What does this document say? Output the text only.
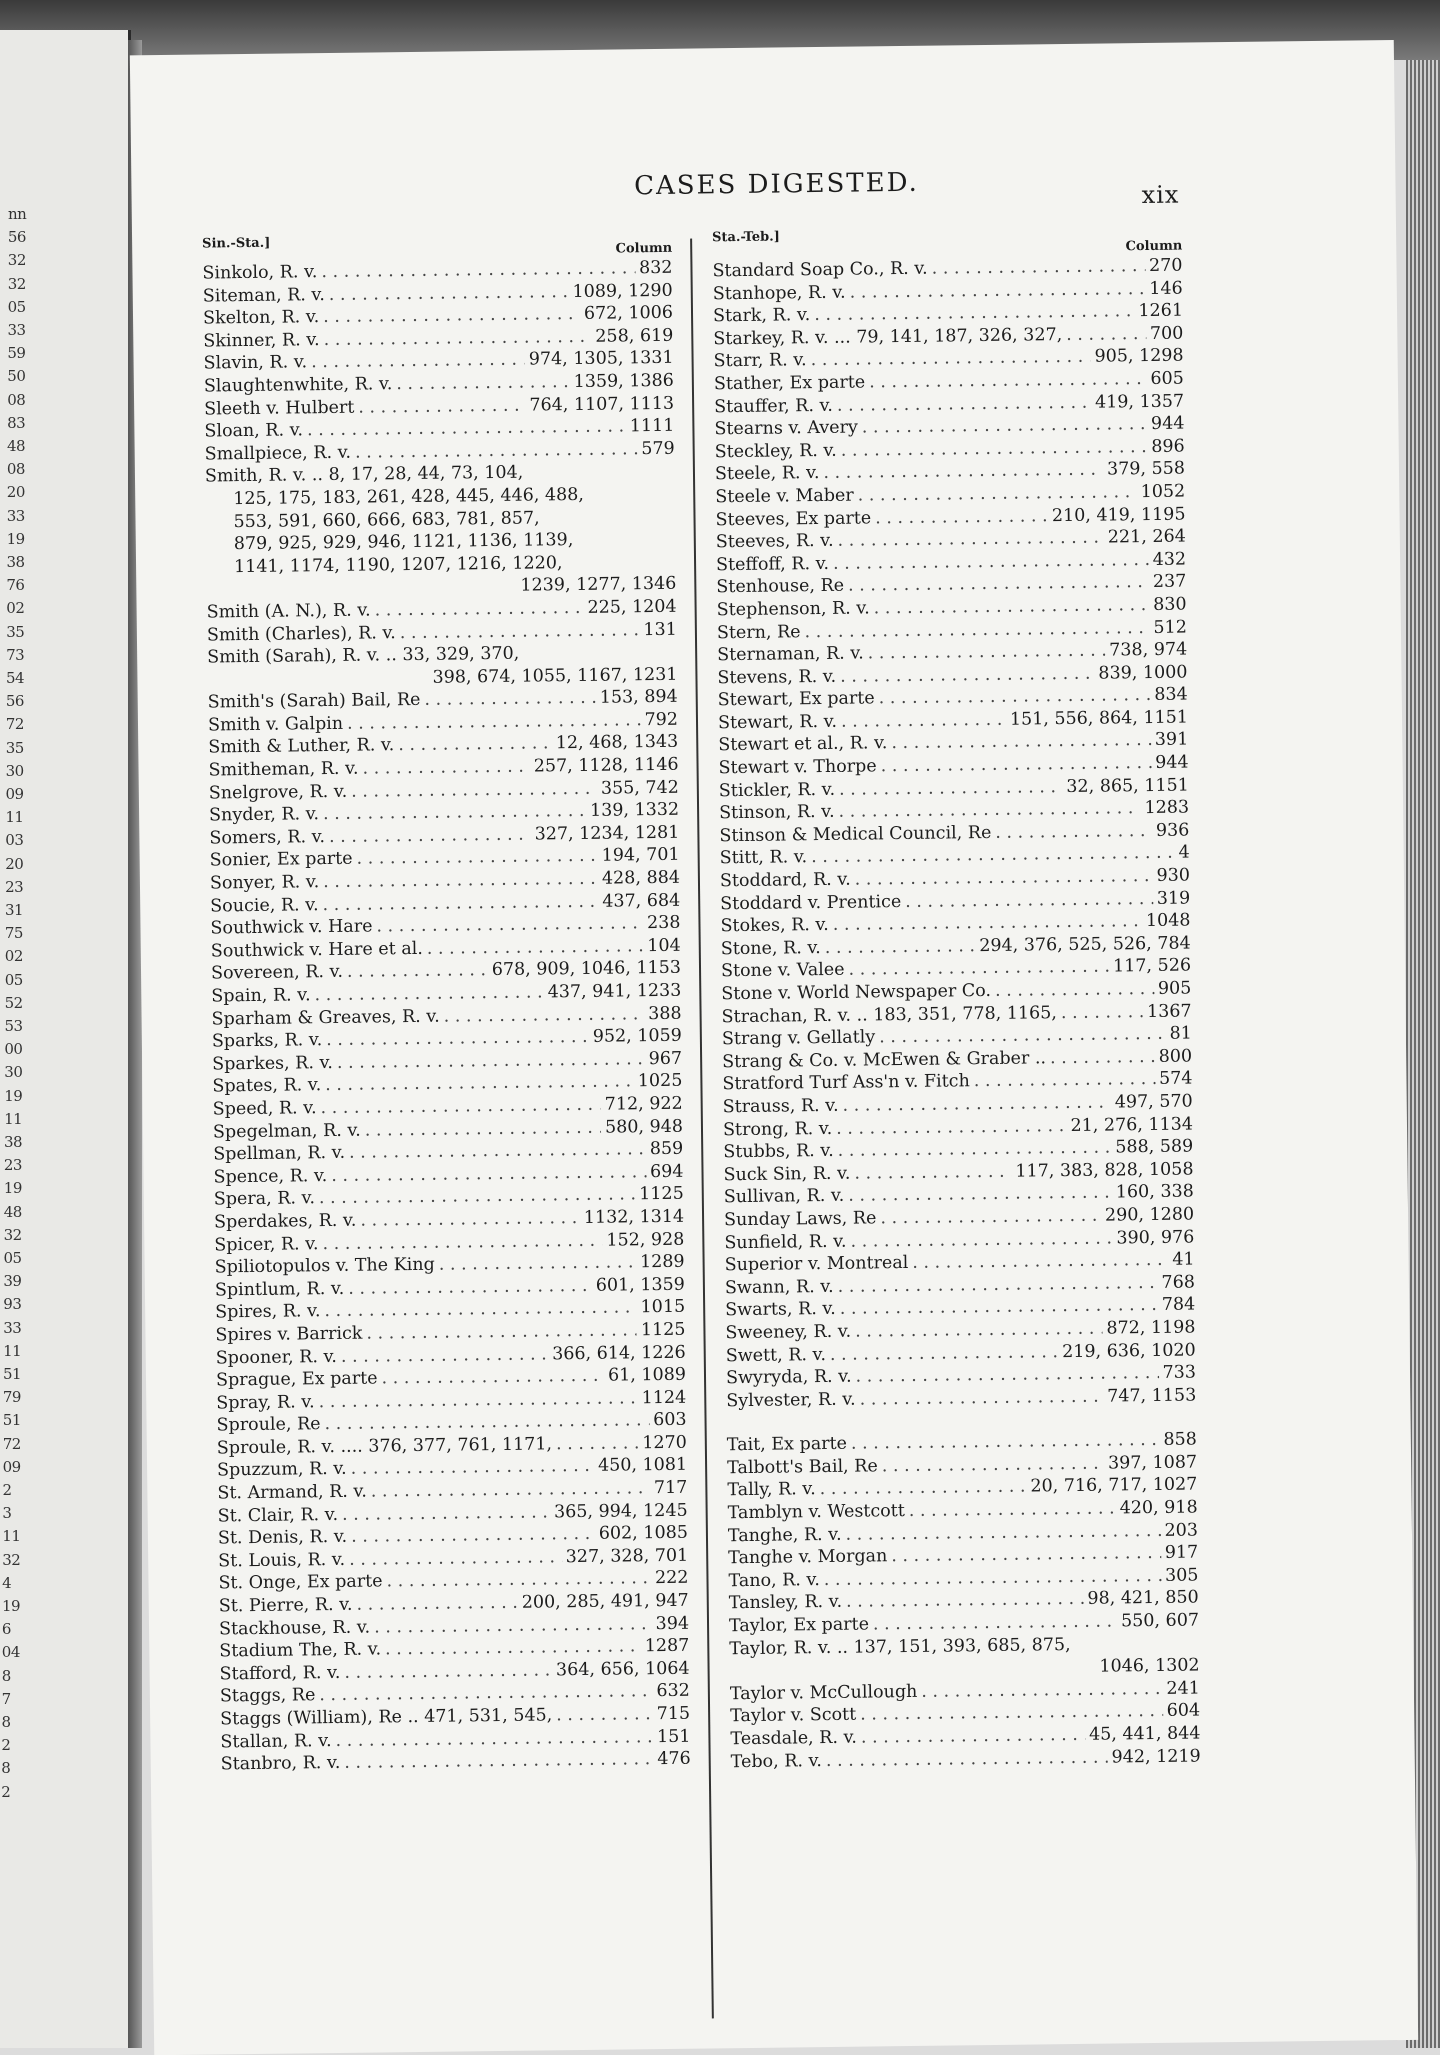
nn
56
32
32
05
33
59
50
08
83
48
08
20
33
19
38
76
02
35
73
54
56
72
35
30
09
11
03
20
23
31
75
02
05
52
53
00
30
19
11
38
23
19
48
32
05
39
93
33
11
51
79
51
72
09
2
3
11
32
4
19
6
04
8
7
8
2
8
2
CASES DIGESTED.	xix
Sin.-Sta.]	Column
Sinkolo, R. v. . . .	832
Siteman, R. v. . . .	1089, 1290
Skelton, R. v. . . .	672, 1006
Skinner, R. v. . . .	258, 619
Slavin, R. v. . . .	974, 1305, 1331
Slaughtenwhite, R. v. . . .	1359, 1386
Sleeth v. Hulbert . . .	764, 1107, 1113
Sloan, R. v. . . .	1111
Smallpiece, R. v. . . .	579
Smith, R. v. .. 8, 17, 28, 44, 73, 104,
125, 175, 183, 261, 428, 445, 446, 488,
553, 591, 660, 666, 683, 781, 857,
879, 925, 929, 946, 1121, 1136, 1139,
1141, 1174, 1190, 1207, 1216, 1220,
1239, 1277, 1346
Smith (A. N.), R. v. . . .	225, 1204
Smith (Charles), R. v. . . .	131
Smith (Sarah), R. v. .. 33, 329, 370,
398, 674, 1055, 1167, 1231
Smith's (Sarah) Bail, Re . . .	153, 894
Smith v. Galpin . . .	792
Smith & Luther, R. v. . . .	12, 468, 1343
Smitheman, R. v. . . .	257, 1128, 1146
Snelgrove, R. v. . . .	355, 742
Snyder, R. v. . . .	139, 1332
Somers, R. v. . . .	327, 1234, 1281
Sonier, Ex parte . . .	194, 701
Sonyer, R. v. . . .	428, 884
Soucie, R. v. . . .	437, 684
Southwick v. Hare . . .	238
Southwick v. Hare et al. . . .	104
Sovereen, R. v. . . .	678, 909, 1046, 1153
Spain, R. v. . . .	437, 941, 1233
Sparham & Greaves, R. v. . . .	388
Sparks, R. v. . . .	952, 1059
Sparkes, R. v. . . .	967
Spates, R. v. . . .	1025
Speed, R. v. . . .	712, 922
Spegelman, R. v. . . .	580, 948
Spellman, R. v. . . .	859
Spence, R. v. . . .	694
Spera, R. v. . . .	1125
Sperdakes, R. v. . . .	1132, 1314
Spicer, R. v. . . .	152, 928
Spiliotopulos v. The King . . .	1289
Spintlum, R. v. . . .	601, 1359
Spires, R. v. . . .	1015
Spires v. Barrick . . .	1125
Spooner, R. v. . . .	366, 614, 1226
Sprague, Ex parte . . .	61, 1089
Spray, R. v. . . .	1124
Sproule, Re . . .	603
Sproule, R. v. .... 376, 377, 761, 1171, . . .	1270
Spuzzum, R. v. . . .	450, 1081
St. Armand, R. v. . . .	717
St. Clair, R. v. . . .	365, 994, 1245
St. Denis, R. v. . . .	602, 1085
St. Louis, R. v. . . .	327, 328, 701
St. Onge, Ex parte . . .	222
St. Pierre, R. v. . . .	200, 285, 491, 947
Stackhouse, R. v. . . .	394
Stadium The, R. v. . . .	1287
Stafford, R. v. . . .	364, 656, 1064
Staggs, Re . . .	632
Staggs (William), Re .. 471, 531, 545, . . .	715
Stallan, R. v. . . .	151
Stanbro, R. v. . . .	476
Sta.-Teb.]
Column
Standard Soap Co., R. v. . . .	270
Stanhope, R. v. . . .	146
Stark, R. v. . . .	1261
Starkey, R. v. ... 79, 141, 187, 326, 327, . . .	700
Starr, R. v. . . .	905, 1298
Stather, Ex parte . . .	605
Stauffer, R. v. . . .	419, 1357
Stearns v. Avery . . .	944
Steckley, R. v. . . .	896
Steele, R. v. . . .	379, 558
Steele v. Maber . . .	1052
Steeves, Ex parte . . .	210, 419, 1195
Steeves, R. v. . . .	221, 264
Steffoff, R. v. . . .	432
Stenhouse, Re . . .	237
Stephenson, R. v. . . .	830
Stern, Re . . .	512
Sternaman, R. v. . . .	738, 974
Stevens, R. v. . . .	839, 1000
Stewart, Ex parte . . .	834
Stewart, R. v. . . .	151, 556, 864, 1151
Stewart et al., R. v. . . .	391
Stewart v. Thorpe . . .	944
Stickler, R. v. . . .	32, 865, 1151
Stinson, R. v. . . .	1283
Stinson & Medical Council, Re . . .	936
Stitt, R. v. . . .	4
Stoddard, R. v. . . .	930
Stoddard v. Prentice . . .	319
Stokes, R. v. . . .	1048
Stone, R. v. . . .	294, 376, 525, 526, 784
Stone v. Valee . . .	117, 526
Stone v. World Newspaper Co. . . .	905
Strachan, R. v. .. 183, 351, 778, 1165, . . .	1367
Strang v. Gellatly . . .	81
Strang & Co. v. McEwen & Graber .. . . .	800
Stratford Turf Ass'n v. Fitch . . .	574
Strauss, R. v. . . .	497, 570
Strong, R. v. . . .	21, 276, 1134
Stubbs, R. v. . . .	588, 589
Suck Sin, R. v. . . .	117, 383, 828, 1058
Sullivan, R. v. . . .	160, 338
Sunday Laws, Re . . .	290, 1280
Sunfield, R. v. . . .	390, 976
Superior v. Montreal . . .	41
Swann, R. v. . . .	768
Swarts, R. v. . . .	784
Sweeney, R. v. . . .	872, 1198
Swett, R. v. . . .	219, 636, 1020
Swyryda, R. v. . . .	733
Sylvester, R. v. . . .	747, 1153
Tait, Ex parte . . .	858
Talbott's Bail, Re . . .	397, 1087
Tally, R. v. . . .	20, 716, 717, 1027
Tamblyn v. Westcott . . .	420, 918
Tanghe, R. v. . . .	203
Tanghe v. Morgan . . .	917
Tano, R. v. . . .	305
Tansley, R. v. . . .	98, 421, 850
Taylor, Ex parte . . .	550, 607
Taylor, R. v. .. 137, 151, 393, 685, 875,
1046, 1302
Taylor v. McCullough . . .	241
Taylor v. Scott . . .	604
Teasdale, R. v. . . .	45, 441, 844
Tebo, R. v. . . .	942, 1219
